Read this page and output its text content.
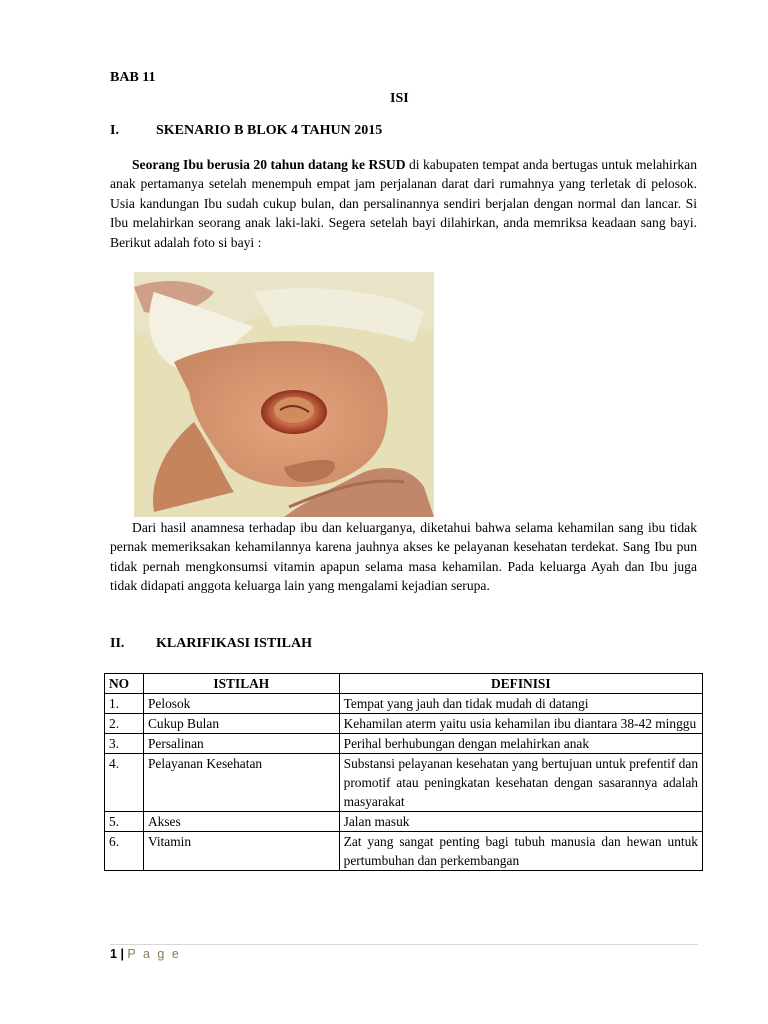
BAB 11
ISI
I.	SKENARIO B BLOK 4 TAHUN 2015

Seorang Ibu berusia 20 tahun datang ke RSUD di kabupaten tempat anda bertugas untuk melahirkan anak pertamanya setelah menempuh empat jam perjalanan darat dari rumahnya yang terletak di pelosok. Usia kandungan Ibu sudah cukup bulan, dan persalinannya sendiri berjalan dengan normal dan lancar. Si Ibu melahirkan seorang anak laki-laki. Segera setelah bayi dilahirkan, anda memriksa keadaan sang bayi. Berikut adalah foto si bayi :

Dari hasil anamnesa terhadap ibu dan keluarganya, diketahui bahwa selama kehamilan sang ibu tidak pernak memeriksakan kehamilannya karena jauhnya akses ke pelayanan kesehatan terdekat. Sang Ibu pun tidak pernah mengkonsumsi vitamin apapun selama masa kehamilan. Pada keluarga Ayah dan Ibu juga tidak didapati anggota keluarga lain yang mengalami kejadian serupa.

II. KLARIFIKASI ISTILAH
NO	ISTILAH	DEFINISI
1.	Pelosok	Tempat yang jauh dan tidak mudah di datangi
2.	Cukup Bulan	Kehamilan aterm yaitu usia kehamilan ibu diantara 38-42 minggu
3.	Persalinan	Perihal berhubungan dengan melahirkan anak
4.	Pelayanan Kesehatan	Substansi pelayanan kesehatan yang bertujuan untuk prefentif dan promotif atau peningkatan kesehatan dengan sasarannya adalah masyarakat
5.	Akses	Jalan masuk
6.	Vitamin	Zat yang sangat penting bagi tubuh manusia dan hewan untuk pertumbuhan dan perkembangan
1 | P a g e
